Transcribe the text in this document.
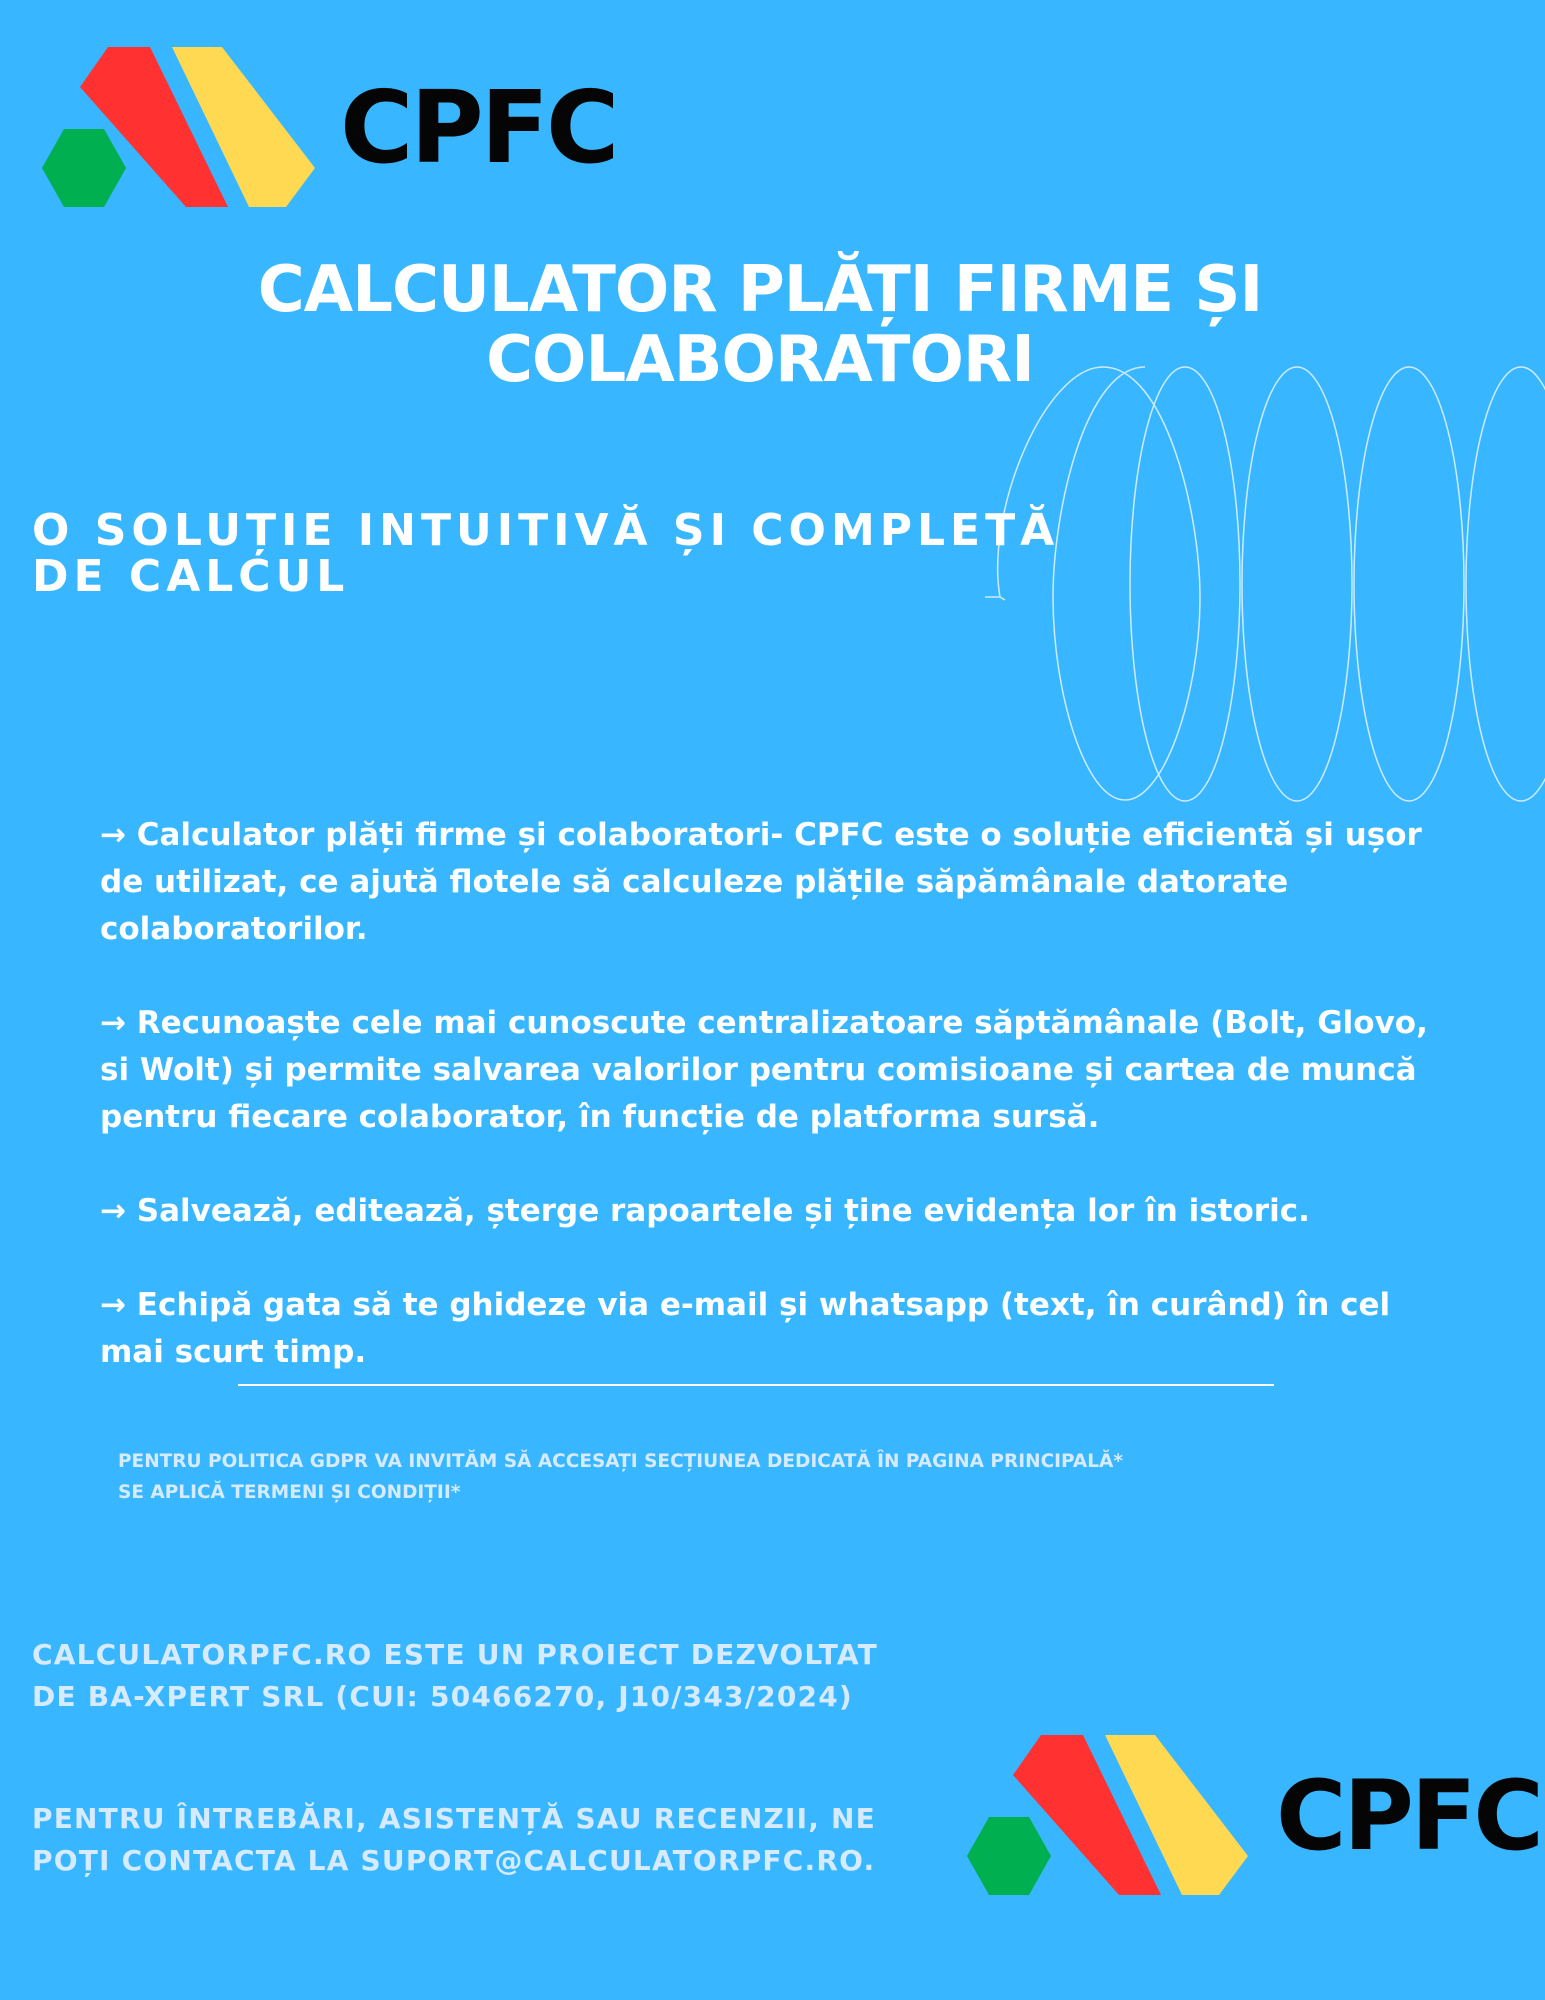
CPFC
CALCULATOR PLĂȚI FIRME ȘI
COLABORATORI
O SOLUȚIE INTUITIVĂ ȘI COMPLETĂ
DE CALCUL

→ Calculator plăți firme și colaboratori- CPFC este o soluție eficientă și ușor de utilizat, ce ajută flotele să calculeze plățile săpămânale datorate colaboratorilor.

→ Recunoaște cele mai cunoscute centralizatoare săptămânale (Bolt, Glovo, si Wolt) și permite salvarea valorilor pentru comisioane și cartea de muncă pentru fiecare colaborator, în funcție de platforma sursă.

→ Salvează, editează, șterge rapoartele și ține evidența lor în istoric.

→ Echipă gata să te ghideze via e-mail și whatsapp (text, în curând) în cel mai scurt timp.

PENTRU POLITICA GDPR VA INVITĂM SĂ ACCESAȚI SECȚIUNEA DEDICATĂ ÎN PAGINA PRINCIPALĂ*
SE APLICĂ TERMENI ȘI CONDIȚII*
CALCULATORPFC.RO ESTE UN PROIECT DEZVOLTAT
DE BA-XPERT SRL (CUI: 50466270, J10/343/2024)
PENTRU ÎNTREBĂRI, ASISTENȚĂ SAU RECENZII, NE
POȚI CONTACTA LA SUPORT@CALCULATORPFC.RO.	CPFC
